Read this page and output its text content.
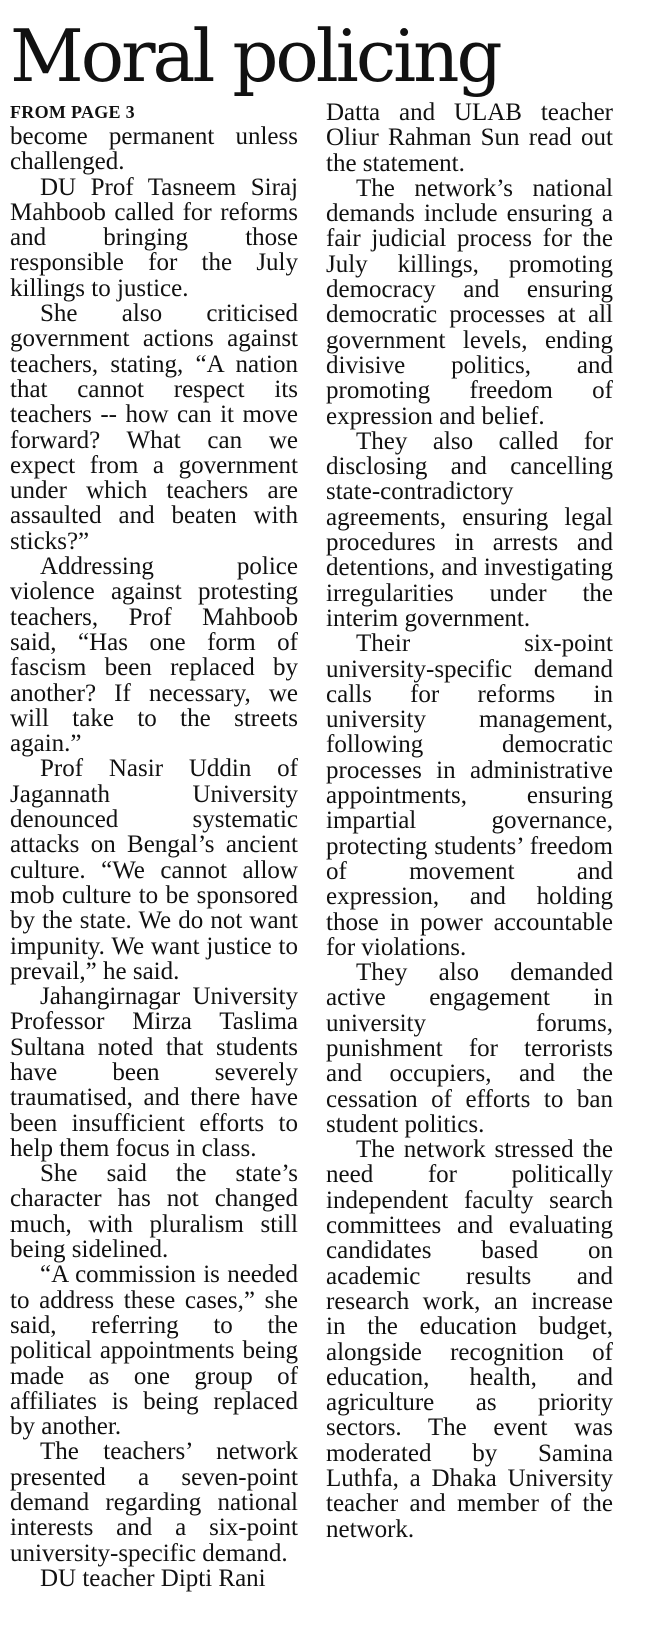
Moral policing
FROM PAGE 3

become permanent unless challenged.

DU Prof Tasneem Siraj Mahboob called for reforms and bringing those responsible for the July killings to justice.

She also criticised government actions against teachers, stating, “A nation that cannot respect its teachers -- how can it move forward? What can we expect from a government under which teachers are assaulted and beaten with sticks?”

Addressing police violence against protesting teachers, Prof Mahboob said, “Has one form of fascism been replaced by another? If necessary, we will take to the streets again.”

Prof Nasir Uddin of Jagannath University denounced systematic attacks on Bengal’s ancient culture. “We cannot allow mob culture to be sponsored by the state. We do not want impunity. We want justice to prevail,” he said.

Jahangirnagar University Professor Mirza Taslima Sultana noted that students have been severely traumatised, and there have been insufficient efforts to help them focus in class.

She said the state’s character has not changed much, with pluralism still being sidelined.

“A commission is needed to address these cases,” she said, referring to the political appointments being made as one group of affiliates is being replaced by another.

The teachers’ network presented a seven-point demand regarding national interests and a six-point university-specific demand.

DU teacher Dipti Rani

Datta and ULAB teacher Oliur Rahman Sun read out the statement.

The network’s national demands include ensuring a fair judicial process for the July killings, promoting democracy and ensuring democratic processes at all government levels, ending divisive politics, and promoting freedom of expression and belief.

They also called for disclosing and cancelling state-contradictory agreements, ensuring legal procedures in arrests and detentions, and investigating irregularities under the interim government.

Their six-point university-specific demand calls for reforms in university management, following democratic processes in administrative appointments, ensuring impartial governance, protecting students’ freedom of movement and expression, and holding those in power accountable for violations.

They also demanded active engagement in university forums, punishment for terrorists and occupiers, and the cessation of efforts to ban student politics.

The network stressed the need for politically independent faculty search committees and evaluating candidates based on academic results and research work, an increase in the education budget, alongside recognition of education, health, and agriculture as priority sectors. The event was moderated by Samina Luthfa, a Dhaka University teacher and member of the network.
